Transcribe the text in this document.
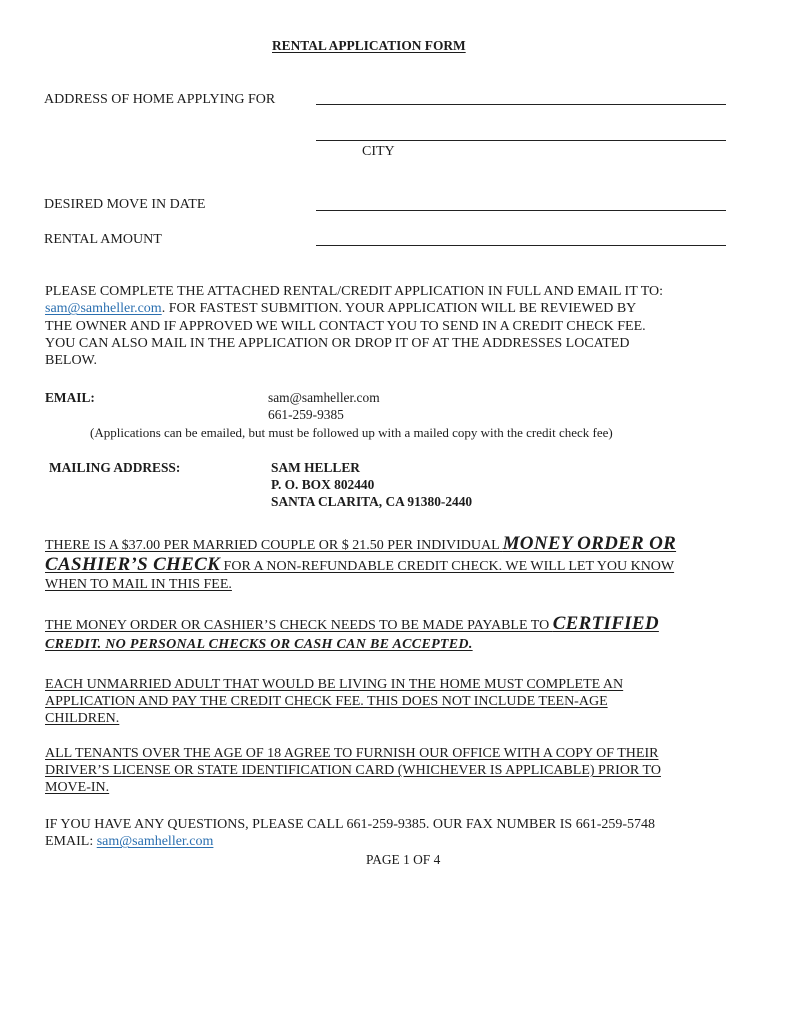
RENTAL APPLICATION FORM
ADDRESS OF HOME APPLYING FOR
CITY
DESIRED MOVE IN DATE
RENTAL AMOUNT
PLEASE COMPLETE THE ATTACHED RENTAL/CREDIT APPLICATION IN FULL AND EMAIL IT TO:
sam@samheller.com. FOR FASTEST SUBMITION. YOUR APPLICATION WILL BE REVIEWED BY
THE OWNER AND IF APPROVED WE WILL CONTACT YOU TO SEND IN A CREDIT CHECK FEE.
YOU CAN ALSO MAIL IN THE APPLICATION OR DROP IT OF AT THE ADDRESSES LOCATED
BELOW.
EMAIL:	sam@samheller.com
661-259-9385
(Applications can be emailed, but must be followed up with a mailed copy with the credit check fee)
MAILING ADDRESS:	SAM HELLER
P. O. BOX 802440
SANTA CLARITA, CA 91380-2440
THERE IS A $37.00 PER MARRIED COUPLE OR $ 21.50 PER INDIVIDUAL MONEY ORDER OR
CASHIER’S CHECK FOR A NON-REFUNDABLE CREDIT CHECK. WE WILL LET YOU KNOW
WHEN TO MAIL IN THIS FEE.
THE MONEY ORDER OR CASHIER’S CHECK NEEDS TO BE MADE PAYABLE TO CERTIFIED
CREDIT. NO PERSONAL CHECKS OR CASH CAN BE ACCEPTED.
EACH UNMARRIED ADULT THAT WOULD BE LIVING IN THE HOME MUST COMPLETE AN
APPLICATION AND PAY THE CREDIT CHECK FEE. THIS DOES NOT INCLUDE TEEN-AGE
CHILDREN.
ALL TENANTS OVER THE AGE OF 18 AGREE TO FURNISH OUR OFFICE WITH A COPY OF THEIR
DRIVER’S LICENSE OR STATE IDENTIFICATION CARD (WHICHEVER IS APPLICABLE) PRIOR TO
MOVE-IN.
IF YOU HAVE ANY QUESTIONS, PLEASE CALL 661-259-9385. OUR FAX NUMBER IS 661-259-5748
EMAIL: sam@samheller.com
PAGE 1 OF 4
